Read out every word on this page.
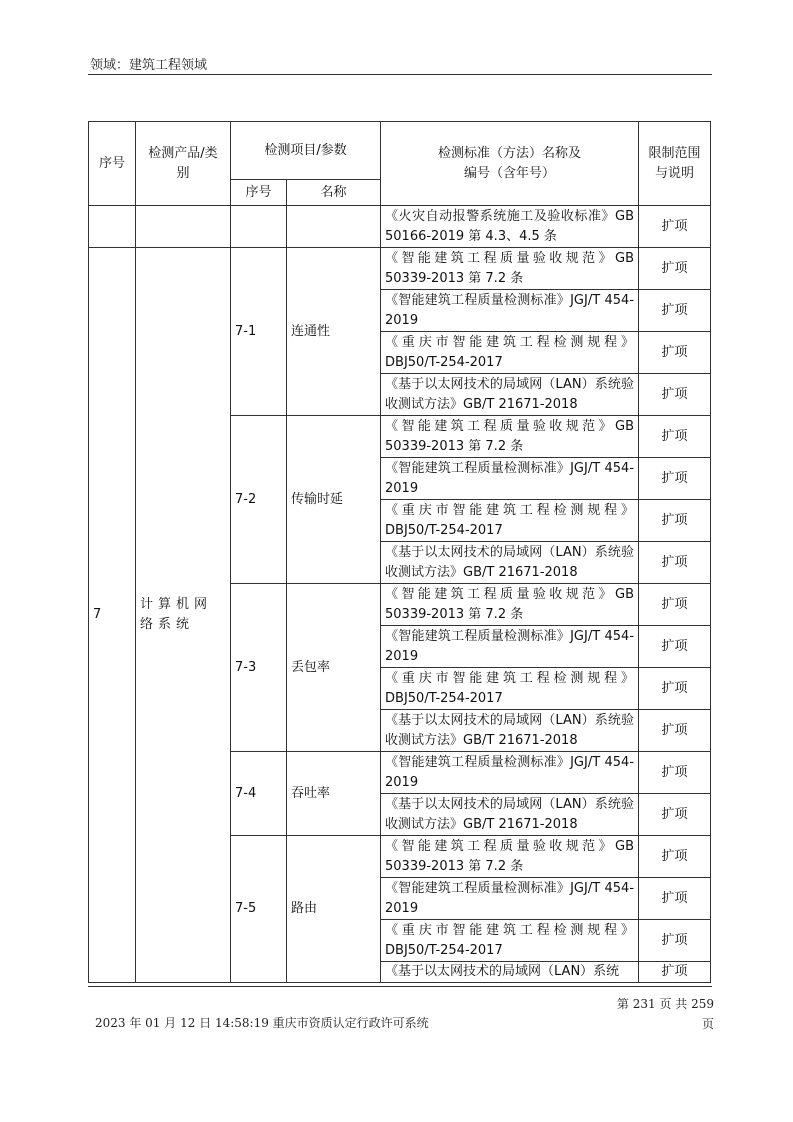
领域：建筑工程领域
序号	检测产品/类别	检测项目/参数		检测标准（方法）名称及编号（含年号）	限制范围与说明
		序号	名称		
				《火灾自动报警系统施工及验收标准》GB 50166-2019 第 4.3、4.5 条	扩项
7	计算机网络系统	7-1	连通性	《智能建筑工程质量验收规范》GB 50339-2013 第 7.2 条	扩项
				《智能建筑工程质量检测标准》JGJ/T 454-2019	扩项
				《重庆市智能建筑工程检测规程》DBJ50/T-254-2017	扩项
				《基于以太网技术的局域网（LAN）系统验收测试方法》GB/T 21671-2018	扩项
		7-2	传输时延	《智能建筑工程质量验收规范》GB 50339-2013 第 7.2 条	扩项
				《智能建筑工程质量检测标准》JGJ/T 454-2019	扩项
				《重庆市智能建筑工程检测规程》DBJ50/T-254-2017	扩项
				《基于以太网技术的局域网（LAN）系统验收测试方法》GB/T 21671-2018	扩项
		7-3	丢包率	《智能建筑工程质量验收规范》GB 50339-2013 第 7.2 条	扩项
				《智能建筑工程质量检测标准》JGJ/T 454-2019	扩项
				《重庆市智能建筑工程检测规程》DBJ50/T-254-2017	扩项
				《基于以太网技术的局域网（LAN）系统验收测试方法》GB/T 21671-2018	扩项
		7-4	吞吐率	《智能建筑工程质量检测标准》JGJ/T 454-2019	扩项
				《基于以太网技术的局域网（LAN）系统验收测试方法》GB/T 21671-2018	扩项
		7-5	路由	《智能建筑工程质量验收规范》GB 50339-2013 第 7.2 条	扩项
				《智能建筑工程质量检测标准》JGJ/T 454-2019	扩项
				《重庆市智能建筑工程检测规程》DBJ50/T-254-2017	扩项
				《基于以太网技术的局域网（LAN）系统	扩项
2023 年 01 月 12 日 14:58:19 重庆市资质认定行政许可系统
第 231 页 共 259 页
